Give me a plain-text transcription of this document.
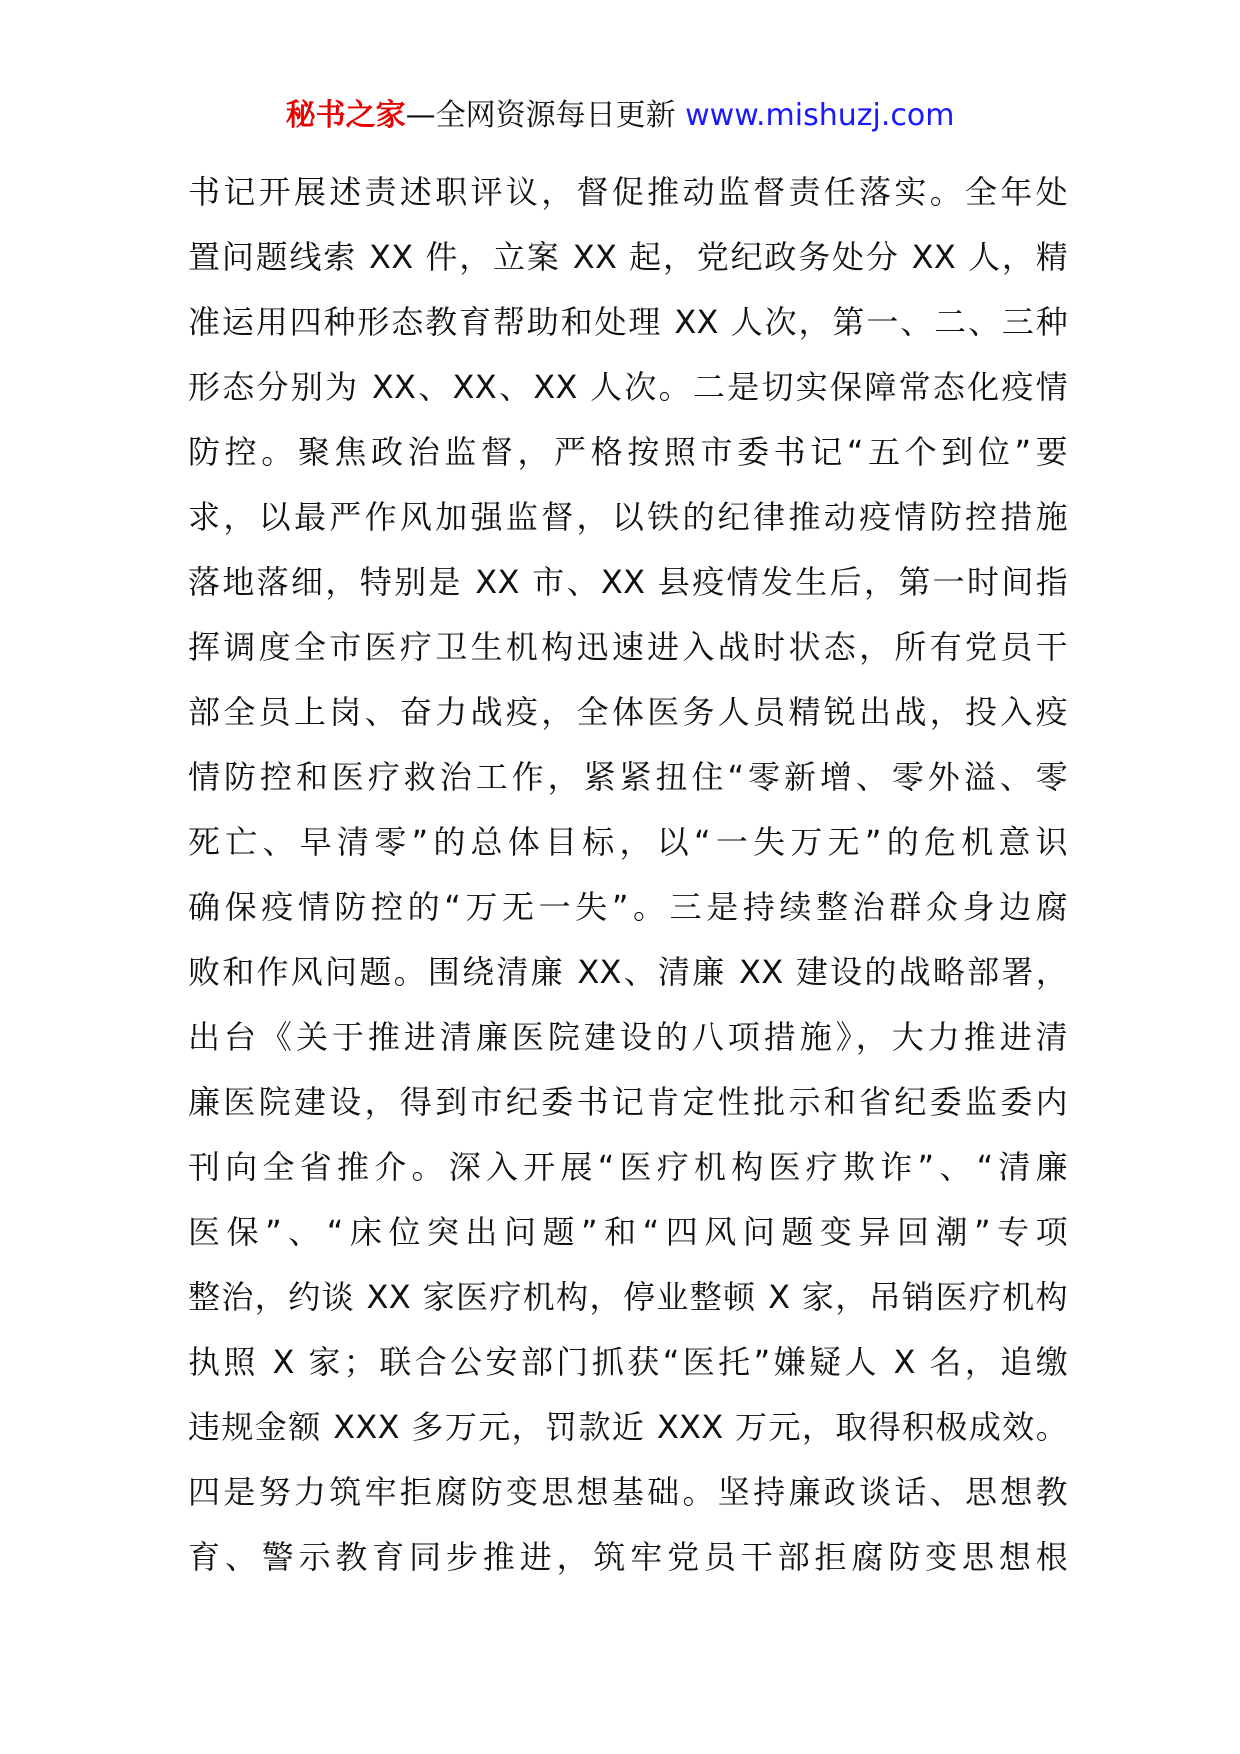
秘书之家—全网资源每日更新 www.mishuzj.com
书记开展述责述职评议，督促推动监督责任落实。全年处
置问题线索 XX 件，立案 XX 起，党纪政务处分 XX 人，精
准运用四种形态教育帮助和处理 XX 人次，第一、二、三种
形态分别为 XX、XX、XX 人次。二是切实保障常态化疫情
防控。聚焦政治监督，严格按照市委书记“五个到位”要
求，以最严作风加强监督，以铁的纪律推动疫情防控措施
落地落细，特别是 XX 市、XX 县疫情发生后，第一时间指
挥调度全市医疗卫生机构迅速进入战时状态，所有党员干
部全员上岗、奋力战疫，全体医务人员精锐出战，投入疫
情防控和医疗救治工作，紧紧扭住“零新增、零外溢、零
死亡、早清零”的总体目标，以“一失万无”的危机意识
确保疫情防控的“万无一失”。三是持续整治群众身边腐
败和作风问题。围绕清廉 XX、清廉 XX 建设的战略部署，
出台《关于推进清廉医院建设的八项措施》，大力推进清
廉医院建设，得到市纪委书记肯定性批示和省纪委监委内
刊向全省推介。深入开展“医疗机构医疗欺诈”、“清廉
医保”、“床位突出问题”和“四风问题变异回潮”专项
整治，约谈 XX 家医疗机构，停业整顿 X 家，吊销医疗机构
执照 X 家；联合公安部门抓获“医托”嫌疑人 X 名，追缴
违规金额 XXX 多万元，罚款近 XXX 万元，取得积极成效。
四是努力筑牢拒腐防变思想基础。坚持廉政谈话、思想教
育、警示教育同步推进，筑牢党员干部拒腐防变思想根
